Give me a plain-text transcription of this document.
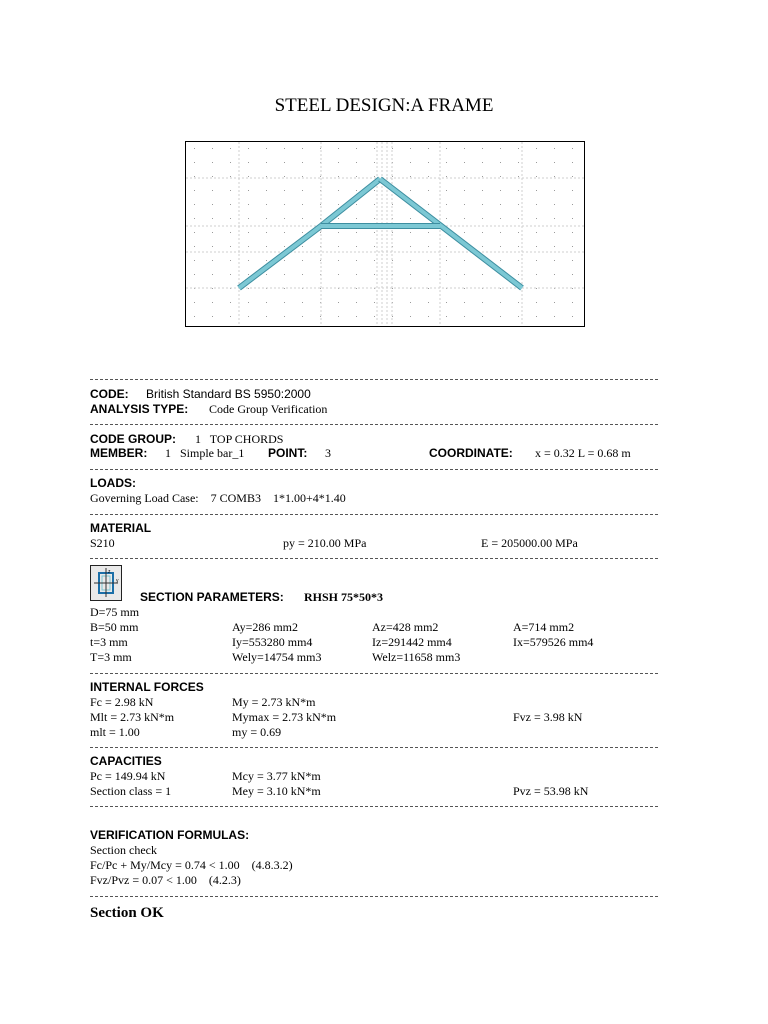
STEEL DESIGN:A FRAME
CODE: British Standard BS 5950:2000
ANALYSIS TYPE: Code Group Verification
CODE GROUP: 1   TOP CHORDS
MEMBER: 1   Simple bar_1 POINT: 3	COORDINATE: x = 0.32 L = 0.68 m
LOADS:
Governing Load Case:    7 COMB3    1*1.00+4*1.40
MATERIAL
S210	py = 210.00 MPa	E = 205000.00 MPa
z
y
SECTION PARAMETERS: RHSH 75*50*3
D=75 mm
B=50 mm	Ay=286 mm2	Az=428 mm2	A=714 mm2
t=3 mm	Iy=553280 mm4	Iz=291442 mm4	Ix=579526 mm4
T=3 mm	Wely=14754 mm3	Welz=11658 mm3
INTERNAL FORCES
Fc = 2.98 kN	My = 2.73 kN*m
Mlt = 2.73 kN*m	Mymax = 2.73 kN*m	Fvz = 3.98 kN
mlt = 1.00	my = 0.69
CAPACITIES
Pc = 149.94 kN	Mcy = 3.77 kN*m
Section class = 1	Mey = 3.10 kN*m	Pvz = 53.98 kN
VERIFICATION FORMULAS:
Section check
Fc/Pc + My/Mcy = 0.74 < 1.00    (4.8.3.2)
Fvz/Pvz = 0.07 < 1.00    (4.2.3)
Section OK
